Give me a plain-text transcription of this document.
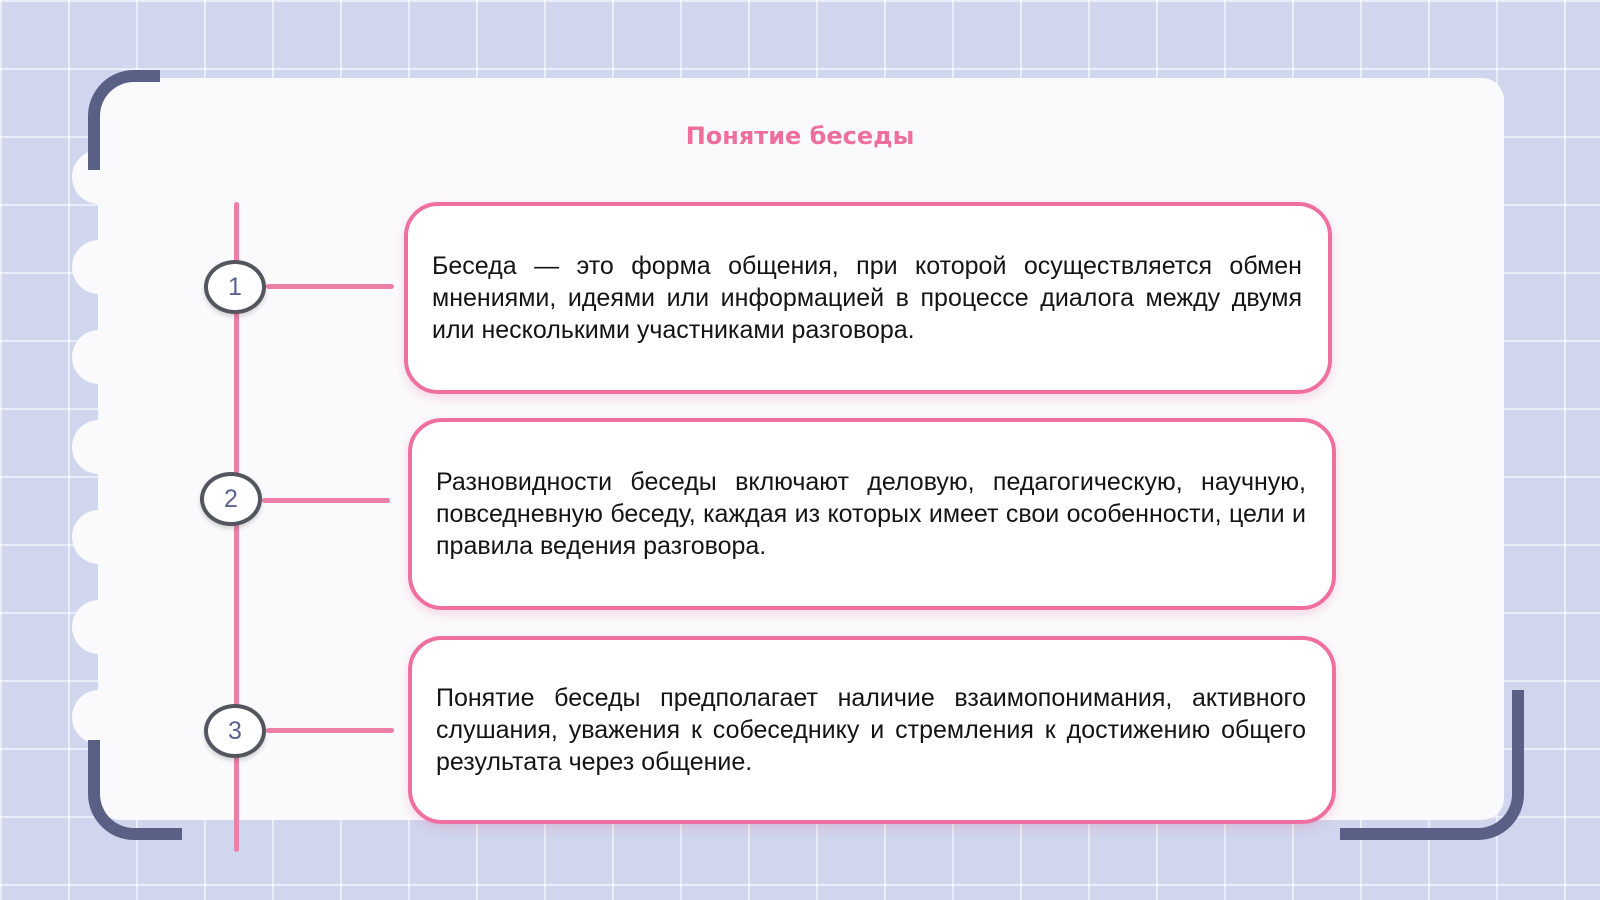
Понятие беседы
1
Беседа — это форма общения, при которой осуществляется обмен мнениями, идеями или информацией в процессе диалога между двумя или несколькими участниками разговора.
2
Разновидности беседы включают деловую, педагогическую, научную, повседневную беседу, каждая из которых имеет свои особенности, цели и правила ведения разговора.
3
Понятие беседы предполагает наличие взаимопонимания, активного слушания, уважения к собеседнику и стремления к достижению общего результата через общение.
